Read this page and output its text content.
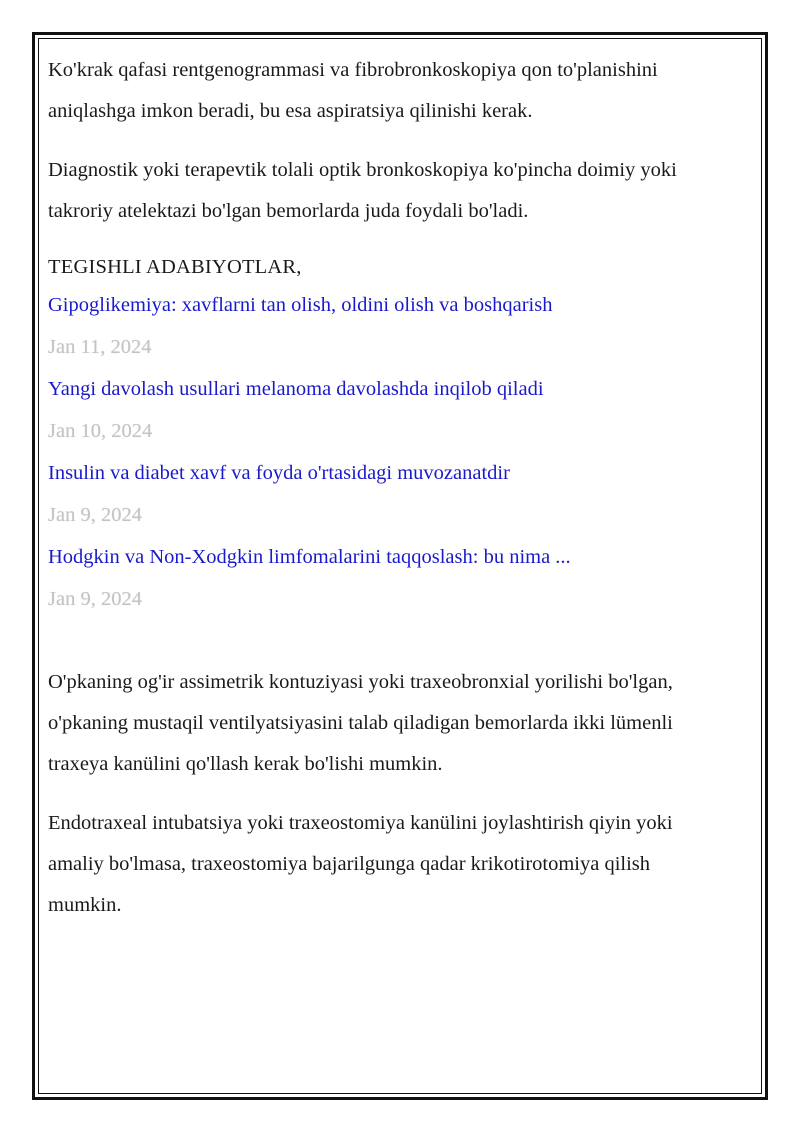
Ko'krak qafasi rentgenogrammasi va fibrobronkoskopiya qon to'planishini aniqlashga imkon beradi, bu esa aspiratsiya qilinishi kerak.

Diagnostik yoki terapevtik tolali optik bronkoskopiya ko'pincha doimiy yoki takroriy atelektazi bo'lgan bemorlarda juda foydali bo'ladi.

TEGISHLI ADABIYOTLAR,

Gipoglikemiya: xavflarni tan olish, oldini olish va boshqarish
Jan 11, 2024
Yangi davolash usullari melanoma davolashda inqilob qiladi
Jan 10, 2024
Insulin va diabet xavf va foyda o'rtasidagi muvozanatdir
Jan 9, 2024
Hodgkin va Non-Xodgkin limfomalarini taqqoslash: bu nima ...
Jan 9, 2024

O'pkaning og'ir assimetrik kontuziyasi yoki traxeobronxial yorilishi bo'lgan, o'pkaning mustaqil ventilyatsiyasini talab qiladigan bemorlarda ikki lümenli traxeya kanülini qo'llash kerak bo'lishi mumkin.

Endotraxeal intubatsiya yoki traxeostomiya kanülini joylashtirish qiyin yoki amaliy bo'lmasa, traxeostomiya bajarilgunga qadar krikotirotomiya qilish mumkin.
